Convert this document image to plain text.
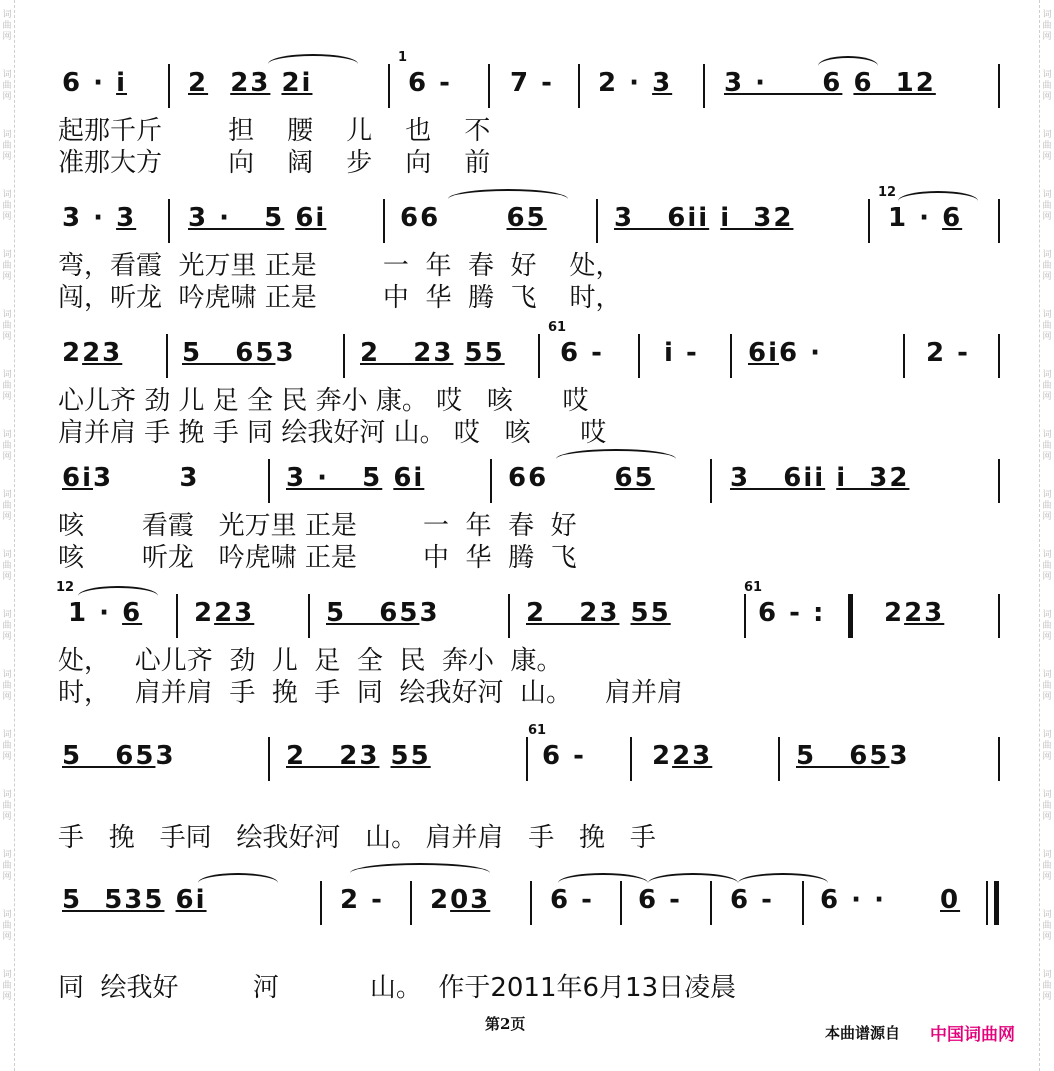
词
曲
网
词
曲
网
词
曲
网
词
曲
网
词
曲
网
词
曲
网
词
曲
网
词
曲
网
词
曲
网
词
曲
网
词
曲
网
词
曲
网
词
曲
网
词
曲
网
词
曲
网
词
曲
网
词
曲
网
词
曲
网
词
曲
网
词
曲
网
词
曲
网
词
曲
网
词
曲
网
词
曲
网
词
曲
网
词
曲
网
词
曲
网
词
曲
网
词
曲
网
词
曲
网
词
曲
网
词
曲
网
词
曲
网
词
曲
网
6 · i 2 23 2i
1
6 - 7 - 2 · 3 3 ·     6 6  12
起那千斤        担    腰    儿    也    不
准那大方        向    阔    步    向    前
3 · 3 3 ·   5 6i	66      65	3   6ii i  32
12
1 · 6
弯，看霞  光万里 正是        一  年  春  好    处，
闯，听龙  吟虎啸 正是        中  华  腾  飞    时，
223 5   653 2   23 55
61
6 - i - 6i6 ·	2 -
心儿齐 劲 儿 足 全 民 奔小 康。 哎   咳      哎
肩并肩 手 挽 手 同 绘我好河 山。 哎   咳      哎
6i3      3	3 ·   5 6i	66      65	3   6ii i  32
咳       看霞   光万里 正是        一  年  春  好
咳       听龙   吟虎啸 正是        中  华  腾  飞
12
1 · 6 223	5   653	2   23 55
61
6 - : 223
处，   心儿齐  劲  儿  足  全  民  奔小  康。
时，   肩并肩  手  挽  手  同  绘我好河  山。    肩并肩
5   653	2   23 55
61
6 -	223	5   653
手   挽   手同   绘我好河   山。 肩并肩   手   挽   手
5  535 6i	2 - 203 6 - 6 - 6 - 6 · · 0
同  绘我好         河           山。  作于2011年6月13日凌晨
第2页	本曲谱源自 中国词曲网
